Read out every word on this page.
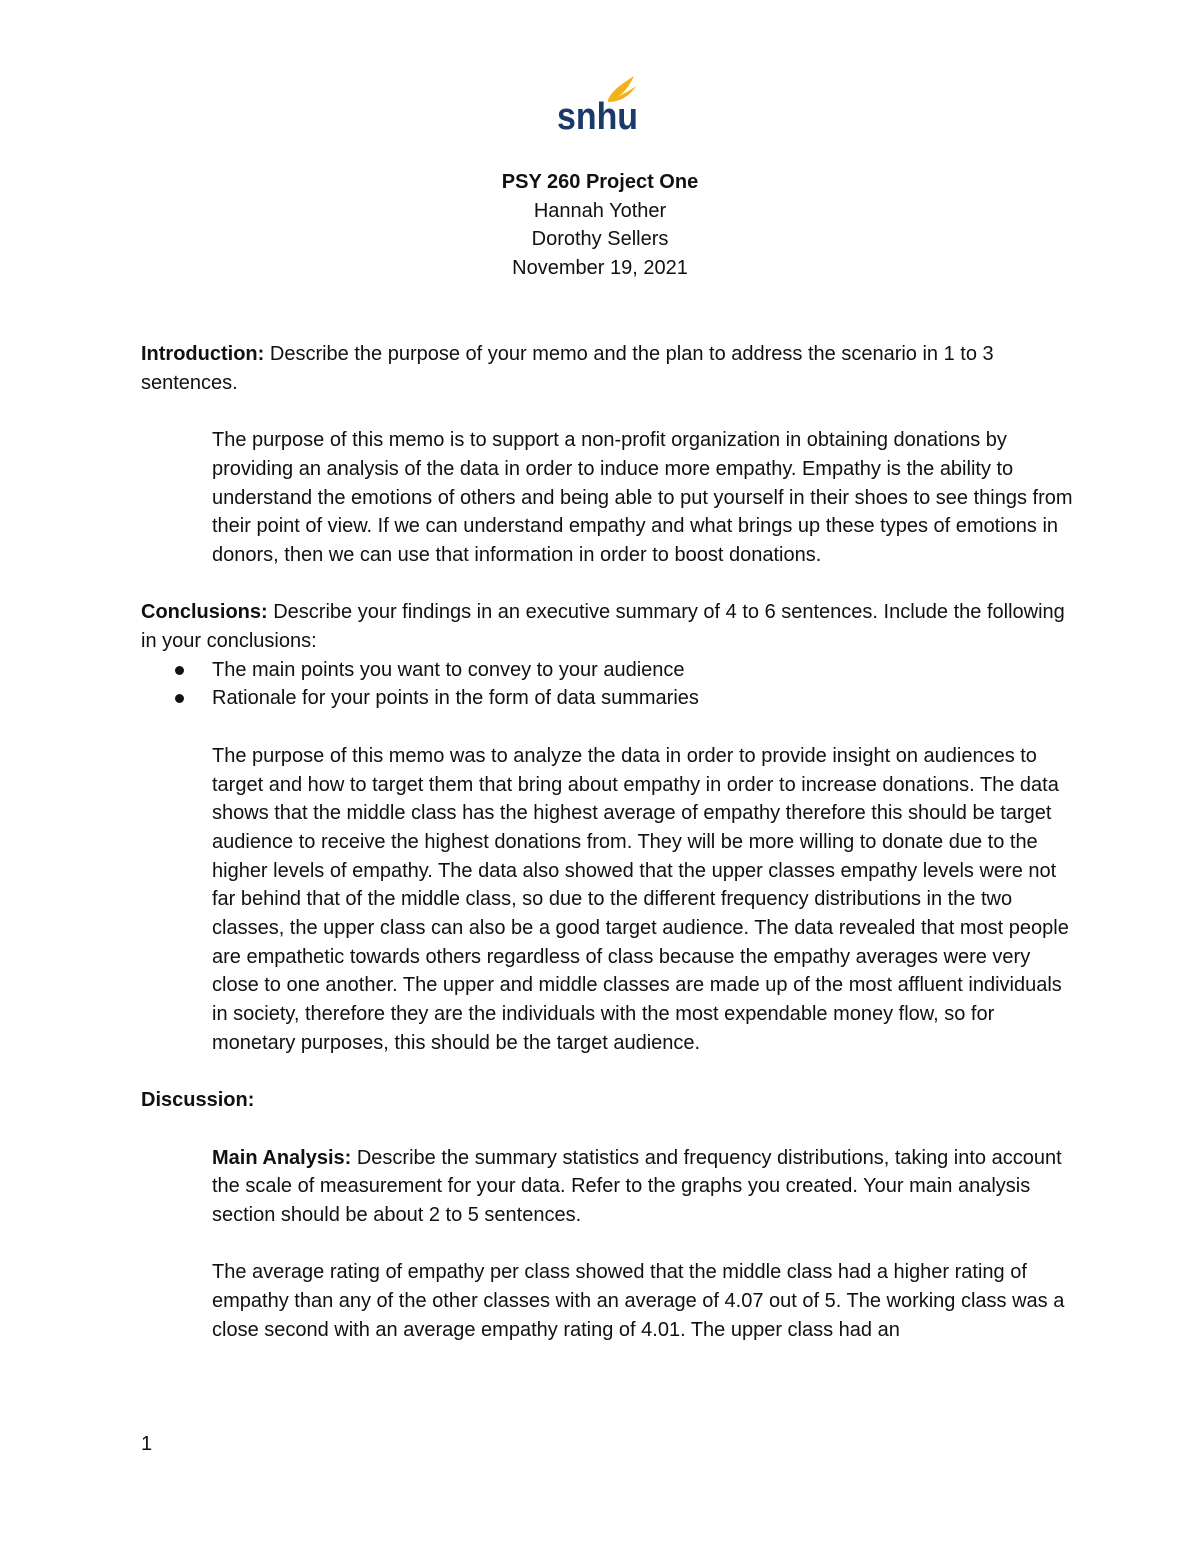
snhu
PSY 260 Project One
Hannah Yother
Dorothy Sellers
November 19, 2021

Introduction: Describe the purpose of your memo and the plan to address the scenario in 1 to 3 sentences.

The purpose of this memo is to support a non-profit organization in obtaining donations by providing an analysis of the data in order to induce more empathy. Empathy is the ability to understand the emotions of others and being able to put yourself in their shoes to see things from their point of view. If we can understand empathy and what brings up these types of emotions in donors, then we can use that information in order to boost donations.

Conclusions: Describe your findings in an executive summary of 4 to 6 sentences. Include the following in your conclusions:

The main points you want to convey to your audience
Rationale for your points in the form of data summaries

The purpose of this memo was to analyze the data in order to provide insight on audiences to target and how to target them that bring about empathy in order to increase donations. The data shows that the middle class has the highest average of empathy therefore this should be target audience to receive the highest donations from. They will be more willing to donate due to the higher levels of empathy. The data also showed that the upper classes empathy levels were not far behind that of the middle class, so due to the different frequency distributions in the two classes, the upper class can also be a good target audience. The data revealed that most people are empathetic towards others regardless of class because the empathy averages were very close to one another. The upper and middle classes are made up of the most affluent individuals in society, therefore they are the individuals with the most expendable money flow, so for monetary purposes, this should be the target audience.

Discussion:

Main Analysis: Describe the summary statistics and frequency distributions, taking into account the scale of measurement for your data. Refer to the graphs you created. Your main analysis section should be about 2 to 5 sentences.

The average rating of empathy per class showed that the middle class had a higher rating of empathy than any of the other classes with an average of 4.07 out of 5. The working class was a close second with an average empathy rating of 4.01. The upper class had an

1
